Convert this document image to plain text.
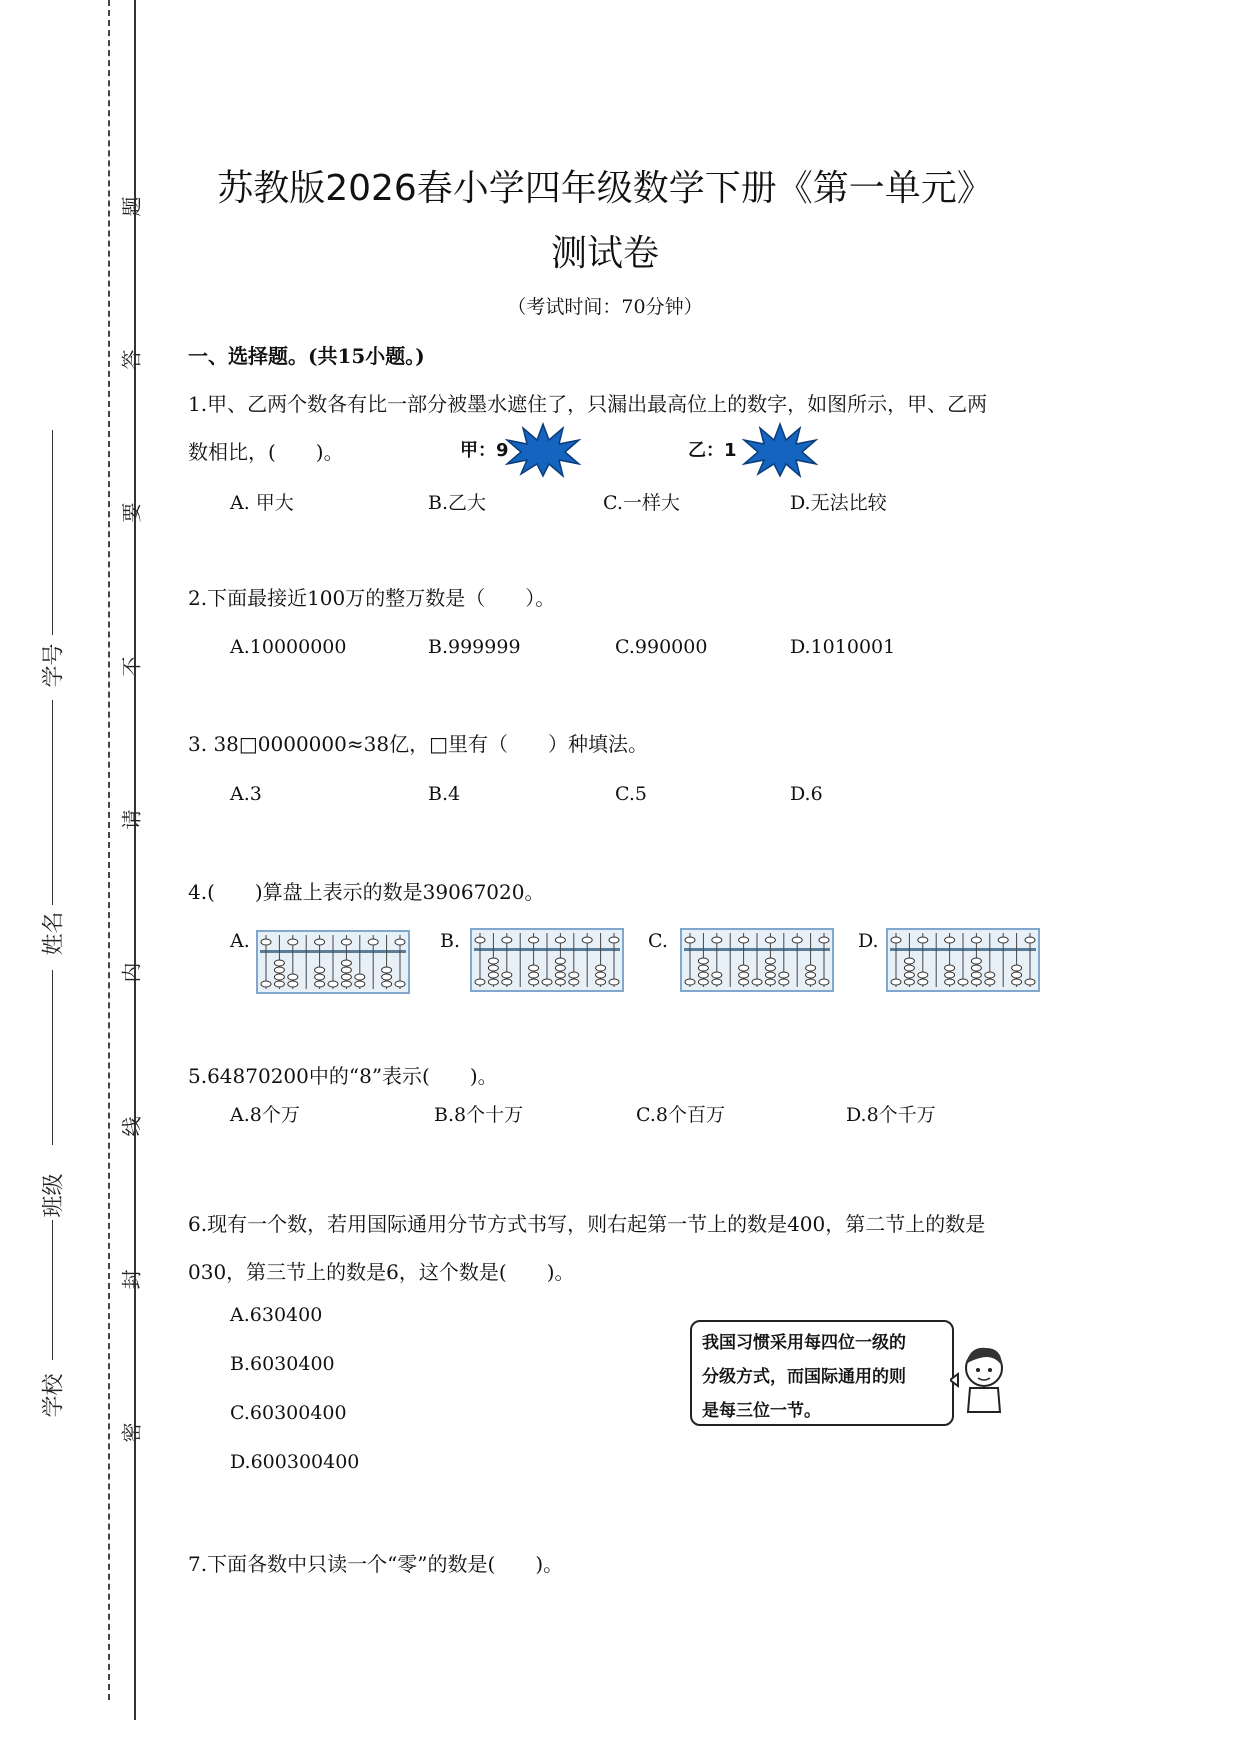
题
答
要
不
请
内
线
封
密
学号
姓名
班级
学校
苏教版2026春小学四年级数学下册《第一单元》
测试卷
（考试时间：70分钟）
一、选择题。(共15小题。)
1.甲、乙两个数各有比一部分被墨水遮住了，只漏出最高位上的数字，如图所示，甲、乙两
数相比，(　　)。	甲：9	乙：1
A. 甲大	B.乙大	C.一样大	D.无法比较
2.下面最接近100万的整万数是（　　）。
A.10000000	B.999999	C.990000	D.1010001
3. 38□0000000≈38亿，□里有（　　）种填法。
A.3	B.4	C.5	D.6
4.(　　)算盘上表示的数是39067020。
A.	B.	C.	D.
5.64870200中的“8”表示(　　)。
A.8个万	B.8个十万	C.8个百万	D.8个千万
6.现有一个数，若用国际通用分节方式书写，则右起第一节上的数是400，第二节上的数是
030，第三节上的数是6，这个数是(　　)。
A.630400
B.6030400
C.60300400
D.600300400
我国习惯采用每四位一级的
分级方式，而国际通用的则
是每三位一节。
7.下面各数中只读一个“零”的数是(　　)。
